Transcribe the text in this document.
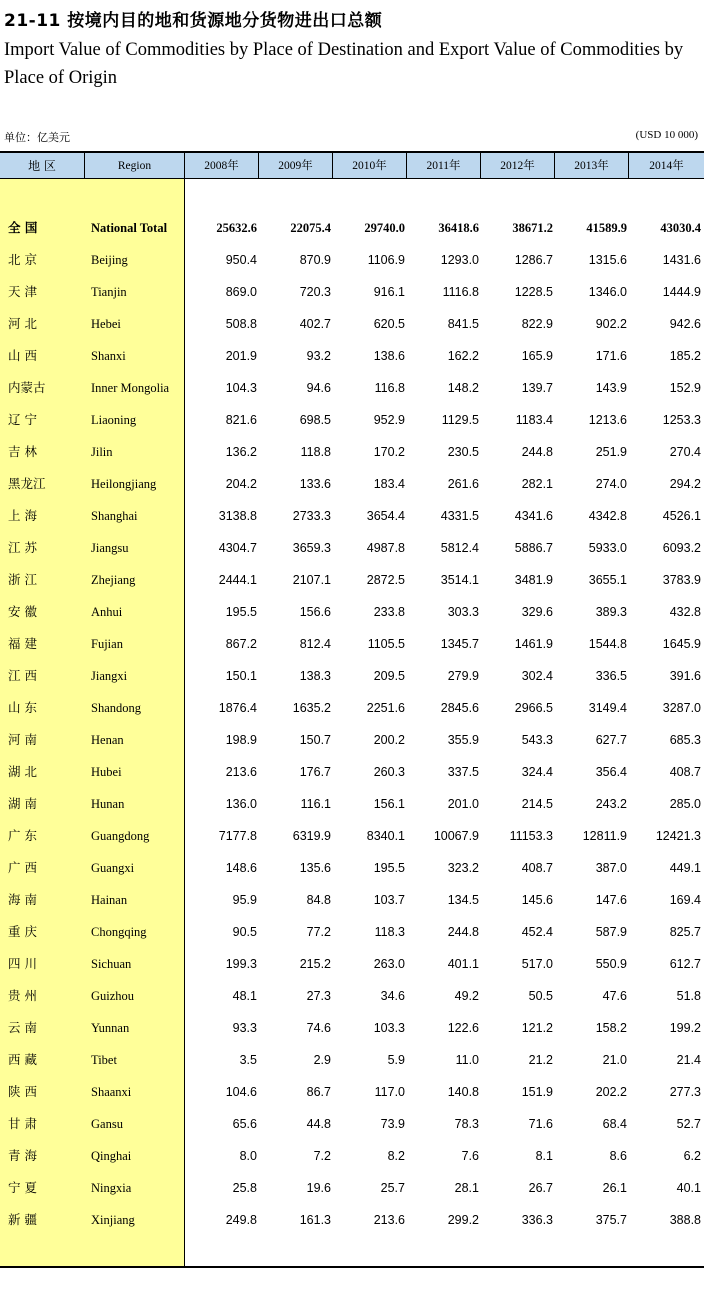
21-11 按境内目的地和货源地分货物进出口总额
Import Value of Commodities by Place of Destination and Export Value of Commodities by Place of Origin
单位：亿美元	(USD 10 000)
地 区	Region	2008年	2009年	2010年	2011年	2012年	2013年	2014年
全 国	National Total	25632.6	22075.4	29740.0	36418.6	38671.2	41589.9	43030.4
北 京	Beijing	950.4	870.9	1106.9	1293.0	1286.7	1315.6	1431.6
天 津	Tianjin	869.0	720.3	916.1	1116.8	1228.5	1346.0	1444.9
河 北	Hebei	508.8	402.7	620.5	841.5	822.9	902.2	942.6
山 西	Shanxi	201.9	93.2	138.6	162.2	165.9	171.6	185.2
内蒙古	Inner Mongolia	104.3	94.6	116.8	148.2	139.7	143.9	152.9
辽 宁	Liaoning	821.6	698.5	952.9	1129.5	1183.4	1213.6	1253.3
吉 林	Jilin	136.2	118.8	170.2	230.5	244.8	251.9	270.4
黑龙江	Heilongjiang	204.2	133.6	183.4	261.6	282.1	274.0	294.2
上 海	Shanghai	3138.8	2733.3	3654.4	4331.5	4341.6	4342.8	4526.1
江 苏	Jiangsu	4304.7	3659.3	4987.8	5812.4	5886.7	5933.0	6093.2
浙 江	Zhejiang	2444.1	2107.1	2872.5	3514.1	3481.9	3655.1	3783.9
安 徽	Anhui	195.5	156.6	233.8	303.3	329.6	389.3	432.8
福 建	Fujian	867.2	812.4	1105.5	1345.7	1461.9	1544.8	1645.9
江 西	Jiangxi	150.1	138.3	209.5	279.9	302.4	336.5	391.6
山 东	Shandong	1876.4	1635.2	2251.6	2845.6	2966.5	3149.4	3287.0
河 南	Henan	198.9	150.7	200.2	355.9	543.3	627.7	685.3
湖 北	Hubei	213.6	176.7	260.3	337.5	324.4	356.4	408.7
湖 南	Hunan	136.0	116.1	156.1	201.0	214.5	243.2	285.0
广 东	Guangdong	7177.8	6319.9	8340.1	10067.9	11153.3	12811.9	12421.3
广 西	Guangxi	148.6	135.6	195.5	323.2	408.7	387.0	449.1
海 南	Hainan	95.9	84.8	103.7	134.5	145.6	147.6	169.4
重 庆	Chongqing	90.5	77.2	118.3	244.8	452.4	587.9	825.7
四 川	Sichuan	199.3	215.2	263.0	401.1	517.0	550.9	612.7
贵 州	Guizhou	48.1	27.3	34.6	49.2	50.5	47.6	51.8
云 南	Yunnan	93.3	74.6	103.3	122.6	121.2	158.2	199.2
西 藏	Tibet	3.5	2.9	5.9	11.0	21.2	21.0	21.4
陕 西	Shaanxi	104.6	86.7	117.0	140.8	151.9	202.2	277.3
甘 肃	Gansu	65.6	44.8	73.9	78.3	71.6	68.4	52.7
青 海	Qinghai	8.0	7.2	8.2	7.6	8.1	8.6	6.2
宁 夏	Ningxia	25.8	19.6	25.7	28.1	26.7	26.1	40.1
新 疆	Xinjiang	249.8	161.3	213.6	299.2	336.3	375.7	388.8
